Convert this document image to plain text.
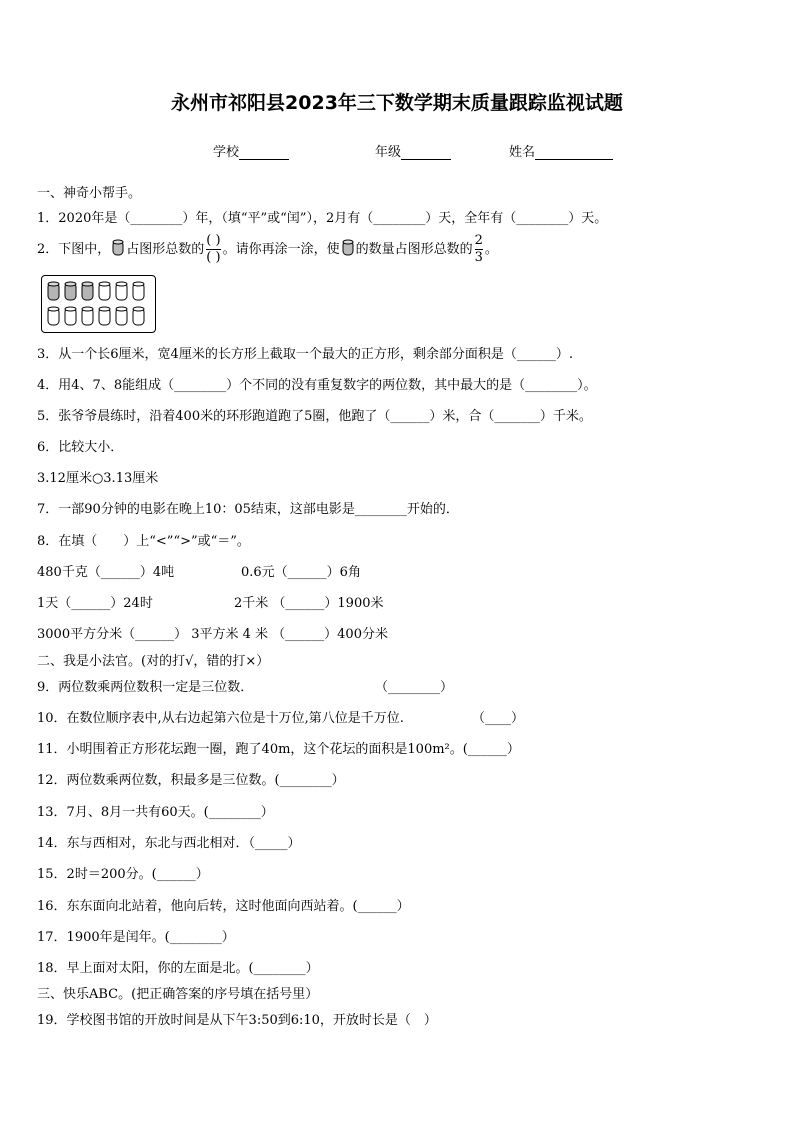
永州市祁阳县2023年三下数学期末质量跟踪监视试题
学校	年级	姓名
一、神奇小帮手。
1．2020年是（________）年，（填“平”或“闰”），2月有（________）天，全年有（________）天。
2．下图中， 占图形总数的 $\frac{( )}{( )}$ 。请你再涂一涂，使 的数量占图形总数的 $\frac{2}{3}$ 。
3．从一个长6厘米，宽4厘米的长方形上截取一个最大的正方形，剩余部分面积是（______）.
4．用4、7、8能组成（________）个不同的没有重复数字的两位数，其中最大的是（________）。
5．张爷爷晨练时，沿着400米的环形跑道跑了5圈，他跑了（______）米，合（_______）千米。
6．比较大小．
3.12厘米○3.13厘米
7．一部90分钟的电影在晚上10：05结束，这部电影是________开始的．
8．在填（　　）上“<”“>”或“＝”。
480千克（______）4吨	0.6元（______）6角
1天（______）24时	2千米 （______）1900米
3000平方分米（______） 3平方米 4 米 （______）400分米
二、我是小法官。(对的打√，错的打×）
9．两位数乘两位数积一定是三位数．	（________）
10．在数位顺序表中,从右边起第六位是十万位,第八位是千万位.	（____）
11．小明围着正方形花坛跑一圈，跑了40m，这个花坛的面积是100m²。(______）
12．两位数乘两位数，积最多是三位数。(________）
13．7月、8月一共有60天。(________）
14．东与西相对，东北与西北相对．（_____）
15．2时＝200分。(______）
16．东东面向北站着，他向后转，这时他面向西站着。(______）
17．1900年是闰年。(________）
18．早上面对太阳，你的左面是北。(________）
三、快乐ABC。(把正确答案的序号填在括号里）
19．学校图书馆的开放时间是从下午3:50到6:10，开放时长是（　）
